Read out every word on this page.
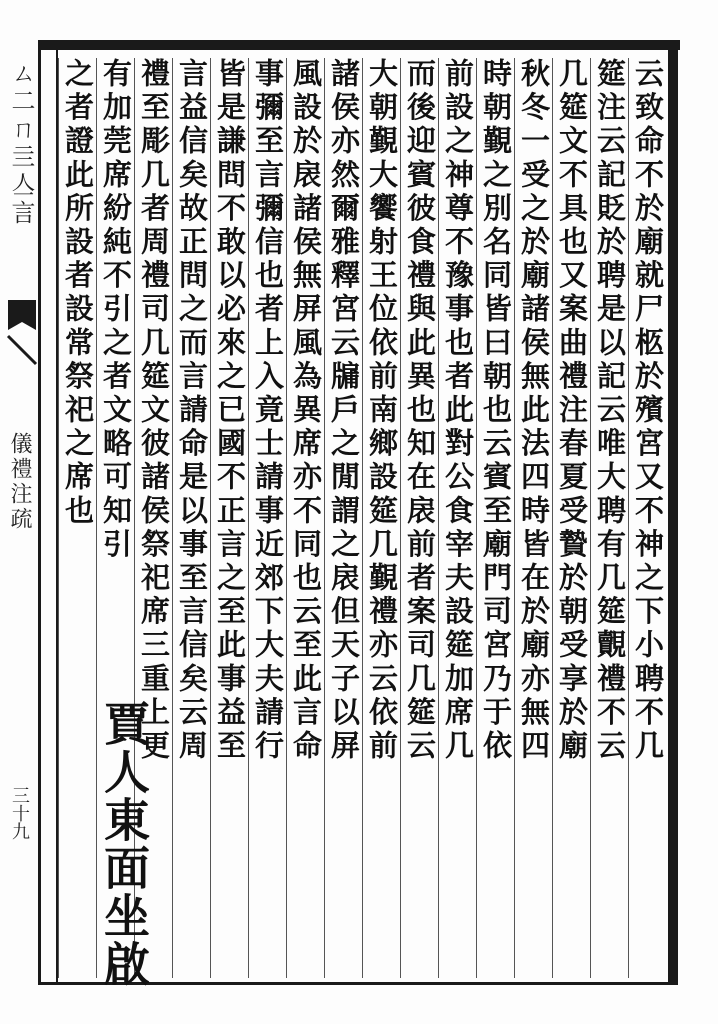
ㄙ二ㄇ亖亼言
儀禮注疏
三十九
云致命不於廟就尸柩於殯宮又不神之下小聘不几
筵注云記貶於聘是以記云唯大聘有几筵覿禮不云
几筵文不具也又案曲禮注春夏受贄於朝受享於廟
秋冬一受之於廟諸侯無此法四時皆在於廟亦無四
時朝覲之別名同皆曰朝也云賓至廟門司宮乃于依
前設之神尊不豫事也者此對公食宰夫設筵加席几
而後迎賓彼食禮與此異也知在扆前者案司几筵云
大朝覲大饗射王位依前南鄉設筵几覲禮亦云依前
諸侯亦然爾雅釋宮云牖戶之閒謂之扆但天子以屏
風設於扆諸侯無屏風為異席亦不同也云至此言命
事彌至言彌信也者上入竟士請事近郊下大夫請行
皆是謙問不敢以必來之已國不正言之至此事益至
言益信矣故正問之而言請命是以事至言信矣云周
禮至彫几者周禮司几筵文彼諸侯祭祀席三重上更
有加莞席紛純不引之者文略可知引
之者證此所設者設常祭祀之席也
賈人東面坐啟
